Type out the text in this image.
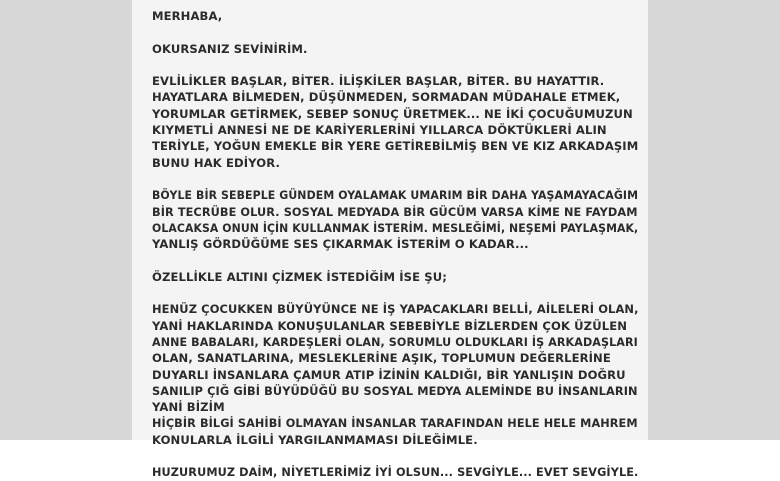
MERHABA,
OKURSANIZ SEVİNİRİM.
EVLİLİKLER BAŞLAR, BİTER. İLİŞKİLER BAŞLAR, BİTER. BU HAYATTIR.
HAYATLARA BİLMEDEN, DÜŞÜNMEDEN, SORMADAN MÜDAHALE ETMEK,
YORUMLAR GETİRMEK, SEBEP SONUÇ ÜRETMEK... NE İKİ ÇOCUĞUMUZUN
KIYMETLİ ANNESİ NE DE KARİYERLERİNİ YILLARCA DÖKTÜKLERİ ALIN
TERİYLE, YOĞUN EMEKLE BİR YERE GETİREBİLMİŞ BEN VE KIZ ARKADAŞIM
BUNU HAK EDİYOR.
BÖYLE BİR SEBEPLE GÜNDEM OYALAMAK UMARIM BİR DAHA YAŞAMAYACAĞIM
BİR TECRÜBE OLUR. SOSYAL MEDYADA BİR GÜCÜM VARSA KİME NE FAYDAM
OLACAKSA ONUN İÇİN KULLANMAK İSTERİM. MESLEĞİMİ, NEŞEMİ PAYLAŞMAK,
YANLIŞ GÖRDÜĞÜME SES ÇIKARMAK İSTERİM O KADAR...
ÖZELLİKLE ALTINI ÇİZMEK İSTEDİĞİM İSE ŞU;
HENÜZ ÇOCUKKEN BÜYÜYÜNCE NE İŞ YAPACAKLARI BELLİ, AİLELERİ OLAN,
YANİ HAKLARINDA KONUŞULANLAR SEBEBİYLE BİZLERDEN ÇOK ÜZÜLEN
ANNE BABALARI, KARDEŞLERİ OLAN, SORUMLU OLDUKLARI İŞ ARKADAŞLARI
OLAN, SANATLARINA, MESLEKLERİNE AŞIK, TOPLUMUN DEĞERLERİNE
DUYARLI İNSANLARA ÇAMUR ATIP İZİNİN KALDIĞI, BİR YANLIŞIN DOĞRU
SANILIP ÇIĞ GİBİ BÜYÜDÜĞÜ BU SOSYAL MEDYA ALEMİNDE BU İNSANLARIN
YANİ BİZİM
HİÇBİR BİLGİ SAHİBİ OLMAYAN İNSANLAR TARAFINDAN HELE HELE MAHREM
KONULARLA İLGİLİ YARGILANMAMASI DİLEĞİMLE.
HUZURUMUZ DAİM, NİYETLERİMİZ İYİ OLSUN... SEVGİYLE... EVET SEVGİYLE.
